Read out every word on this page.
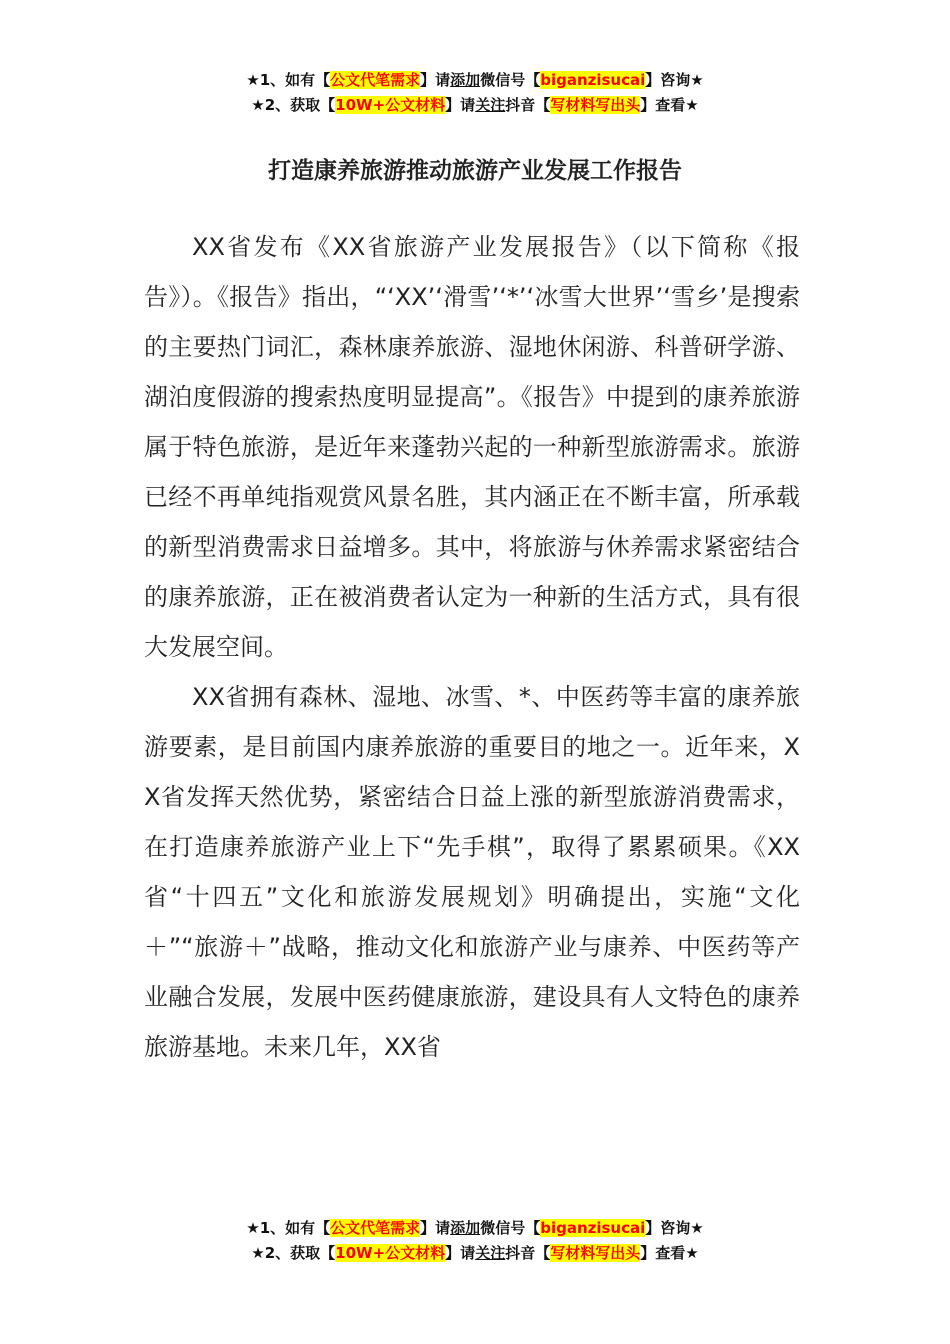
★1、如有【公文代笔需求】请添加微信号【biganzisucai】咨询★
★2、获取【10W+公文材料】请关注抖音【写材料写出头】查看★
打造康养旅游推动旅游产业发展工作报告

XX省发布《XX省旅游产业发展报告》（以下简称《报告》）。《报告》指出，“‘XX’‘滑雪’‘*’‘冰雪大世界’‘雪乡’是搜索的主要热门词汇，森林康养旅游、湿地休闲游、科普研学游、湖泊度假游的搜索热度明显提高”。《报告》中提到的康养旅游属于特色旅游，是近年来蓬勃兴起的一种新型旅游需求。旅游已经不再单纯指观赏风景名胜，其内涵正在不断丰富，所承载的新型消费需求日益增多。其中，将旅游与休养需求紧密结合的康养旅游，正在被消费者认定为一种新的生活方式，具有很大发展空间。

XX省拥有森林、湿地、冰雪、*、中医药等丰富的康养旅游要素，是目前国内康养旅游的重要目的地之一。近年来，XX省发挥天然优势，紧密结合日益上涨的新型旅游消费需求，在打造康养旅游产业上下“先手棋”，取得了累累硕果。《XX省“十四五”文化和旅游发展规划》明确提出，实施“文化＋”“旅游＋”战略，推动文化和旅游产业与康养、中医药等产业融合发展，发展中医药健康旅游，建设具有人文特色的康养旅游基地。未来几年，XX省

★1、如有【公文代笔需求】请添加微信号【biganzisucai】咨询★
★2、获取【10W+公文材料】请关注抖音【写材料写出头】查看★
